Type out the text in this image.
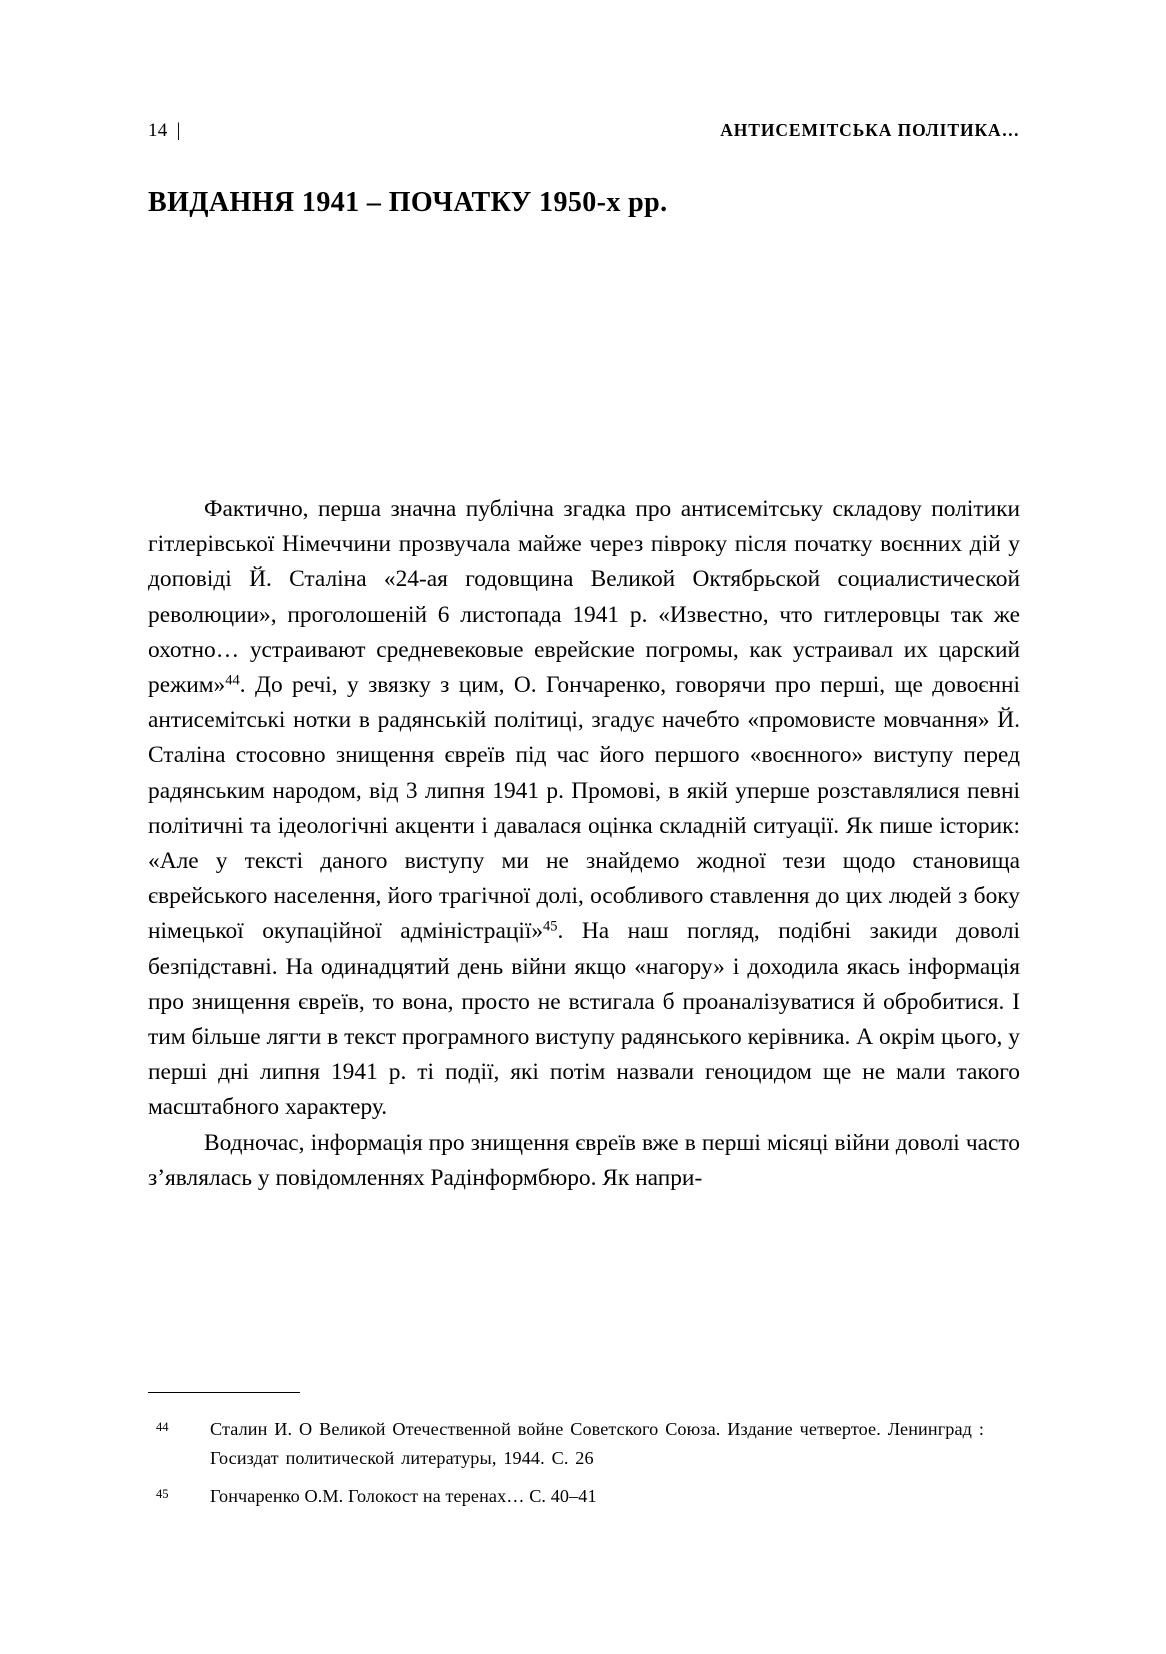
14 |	АНТИСЕМІТСЬКА ПОЛІТИКА…
ВИДАННЯ 1941 – ПОЧАТКУ 1950-х рр.

Фактично, перша значна публічна згадка про антисемітську складову політики гітлерівської Німеччини прозвучала майже через півроку після початку воєнних дій у доповіді Й. Сталіна «24-ая годовщина Великой Октябрьской социалистической революции», проголошеній 6 листопада 1941 р. «Известно, что гитлеровцы так же охотно… устраивают средневековые еврейские погромы, как устраивал их царский режим»$^{44}$. До речі, у звязку з цим, О. Гончаренко, говорячи про перші, ще довоєнні антисемітські нотки в радянській політиці, згадує начебто «промовисте мовчання» Й. Сталіна стосовно знищення євреїв під час його першого «воєнного» виступу перед радянським народом, від 3 липня 1941 р. Промові, в якій уперше розставлялися певні політичні та ідеологічні акценти і давалася оцінка складній ситуації. Як пише історик: «Але у тексті даного виступу ми не знайдемо жодної тези щодо становища єврейського населення, його трагічної долі, особливого ставлення до цих людей з боку німецької окупаційної адміністрації»$^{45}$. На наш погляд, подібні закиди доволі безпідставні. На одинадцятий день війни якщо «нагору» і доходила якась інформація про знищення євреїв, то вона, просто не встигала б проаналізуватися й обробитися. І тим більше лягти в текст програмного виступу радянського керівника. А окрім цього, у перші дні липня 1941 р. ті події, які потім назвали геноцидом ще не мали такого масштабного характеру.

Водночас, інформація про знищення євреїв вже в перші місяці війни доволі часто з’являлась у повідомленнях Радінформбюро. Як напри-

44 Сталин И. О Великой Отечественной войне Советского Союза. Издание четвертое. Ленинград : Госиздат политической литературы, 1944. С. 26
45 Гончаренко О.М. Голокост на теренах… С. 40–41
